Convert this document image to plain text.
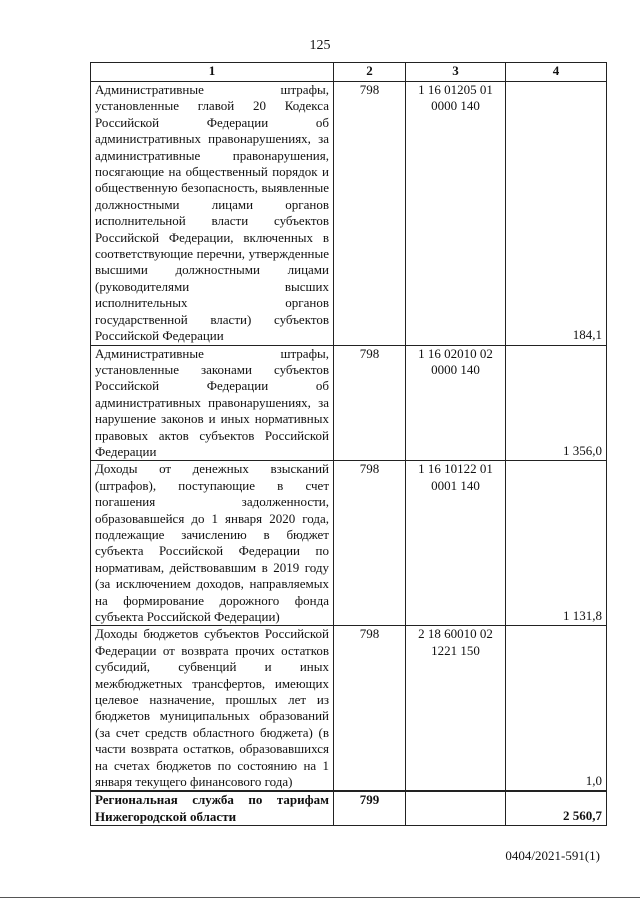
125
1	2	3	4
Административные штрафы, установленные главой 20 Кодекса Российской Федерации об административных правонарушениях, за административные правонарушения, посягающие на общественный порядок и общественную безопасность, выявленные должностными лицами органов исполнительной власти субъектов Российской Федерации, включенных в соответствующие перечни, утвержденные высшими должностными лицами (руководителями высших исполнительных органов государственной власти) субъектов Российской Федерации	798	1 16 01205 01 0000 140	184,1
Административные штрафы, установленные законами субъектов Российской Федерации об административных правонарушениях, за нарушение законов и иных нормативных правовых актов субъектов Российской Федерации	798	1 16 02010 02 0000 140	1 356,0
Доходы от денежных взысканий (штрафов), поступающие в счет погашения задолженности, образовавшейся до 1 января 2020 года, подлежащие зачислению в бюджет субъекта Российской Федерации по нормативам, действовавшим в 2019 году (за исключением доходов, направляемых на формирование дорожного фонда субъекта Российской Федерации)	798	1 16 10122 01 0001 140	1 131,8
Доходы бюджетов субъектов Российской Федерации от возврата прочих остатков субсидий, субвенций и иных межбюджетных трансфертов, имеющих целевое назначение, прошлых лет из бюджетов муниципальных образований (за счет средств областного бюджета) (в части возврата остатков, образовавшихся на счетах бюджетов по состоянию на 1 января текущего финансового года)	798	2 18 60010 02 1221 150	1,0
Региональная служба по тарифам Нижегородской области	799		2 560,7
0404/2021-591(1)
